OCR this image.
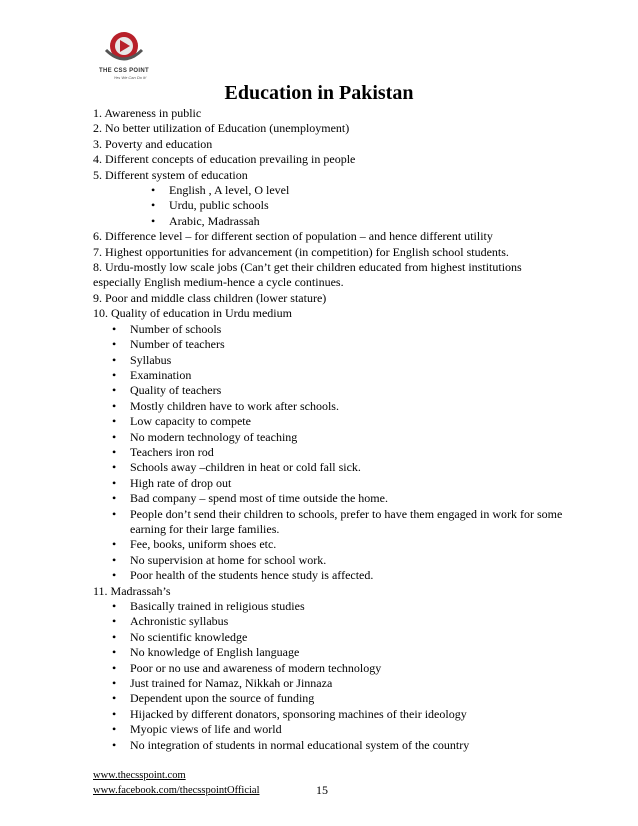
THE CSS POINT
Yes We Can Do It!
Education in Pakistan
1. Awareness in public
2. No better utilization of Education (unemployment)
3. Poverty and education
4. Different concepts of education prevailing in people
5. Different system of education
• English , A level, O level
• Urdu, public schools
• Arabic, Madrassah
6. Difference level – for different section of population – and hence different utility
7. Highest opportunities for advancement (in competition) for English school students.
8. Urdu-mostly low scale jobs (Can’t get their children educated from highest institutions especially English medium-hence a cycle continues.
9. Poor and middle class children (lower stature)
10. Quality of education in Urdu medium
• Number of schools
• Number of teachers
• Syllabus
• Examination
• Quality of teachers
• Mostly children have to work after schools.
• Low capacity to compete
• No modern technology of teaching
• Teachers iron rod
• Schools away –children in heat or cold fall sick.
• High rate of drop out
• Bad company – spend most of time outside the home.
• People don’t send their children to schools, prefer to have them engaged in work for some earning for their large families.
• Fee, books, uniform shoes etc.
• No supervision at home for school work.
• Poor health of the students hence study is affected.
11. Madrassah’s
• Basically trained in religious studies
• Achronistic syllabus
• No scientific knowledge
• No knowledge of English language
• Poor or no use and awareness of modern technology
• Just trained for Namaz, Nikkah or Jinnaza
• Dependent upon the source of funding
• Hijacked by different donators, sponsoring machines of their ideology
• Myopic views of life and world
• No integration of students in normal educational system of the country
www.thecsspoint.com
www.facebook.com/thecsspointOfficial	15
